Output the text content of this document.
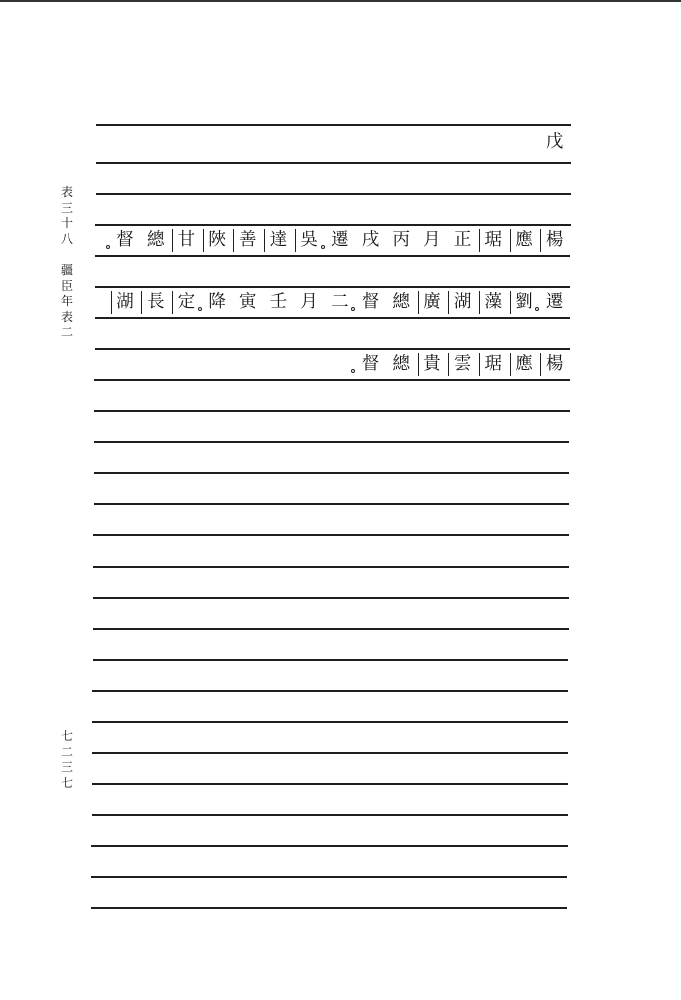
表
三
十
八
疆
臣
年
表
二
七
二
三
七
戊
楊
應
琚
正
月
丙
戌
遷
吳
達
善
陜
甘
總
督
遷
劉
藻
湖
廣
總
督
二
月
壬
寅
降
定
長
湖
楊
應
琚
雲
貴
總
督
